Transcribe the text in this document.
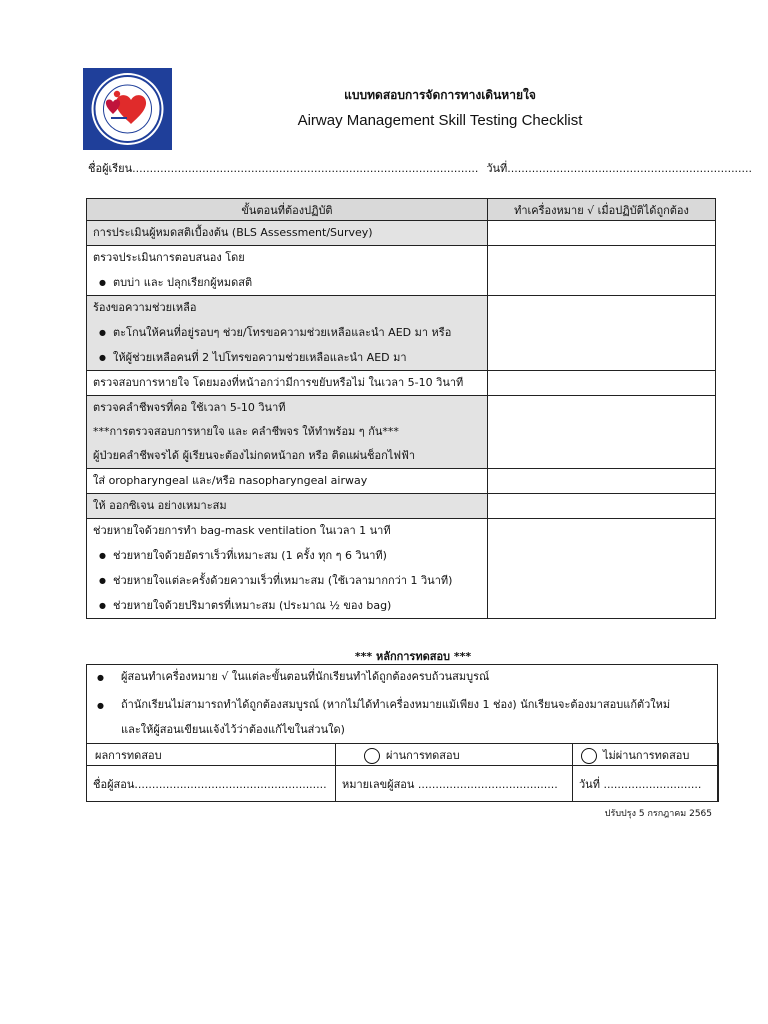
แบบทดสอบการจัดการทางเดินหายใจ
Airway Management Skill Testing Checklist
ชื่อผู้เรียน................................................................................................... วันที่......................................................................
ขั้นตอนที่ต้องปฏิบัติ	ทำเครื่องหมาย √ เมื่อปฏิบัติได้ถูกต้อง

การประเมินผู้หมดสติเบื้องต้น (BLS Assessment/Survey)	

ตรวจประเมินการตอบสนอง โดย
● ตบบ่า และ ปลุกเรียกผู้หมดสติ

ร้องขอความช่วยเหลือ
● ตะโกนให้คนที่อยู่รอบๆ ช่วย/โทรขอความช่วยเหลือและนำ AED มา หรือ
● ให้ผู้ช่วยเหลือคนที่ 2 ไปโทรขอความช่วยเหลือและนำ AED มา

ตรวจสอบการหายใจ โดยมองที่หน้าอกว่ามีการขยับหรือไม่ ในเวลา 5-10 วินาที	

ตรวจคลำชีพจรที่คอ ใช้เวลา 5-10 วินาที
***การตรวจสอบการหายใจ และ คลำชีพจร ให้ทำพร้อม ๆ กัน***
ผู้ป่วยคลำชีพจรได้ ผู้เรียนจะต้องไม่กดหน้าอก หรือ ติดแผ่นช็อกไฟฟ้า	

ใส่ oropharyngeal และ/หรือ nasopharyngeal airway	

ให้ ออกซิเจน อย่างเหมาะสม	

ช่วยหายใจด้วยการทำ bag-mask ventilation ในเวลา 1 นาที
● ช่วยหายใจด้วยอัตราเร็วที่เหมาะสม (1 ครั้ง ทุก ๆ 6 วินาที)
● ช่วยหายใจแต่ละครั้งด้วยความเร็วที่เหมาะสม (ใช้เวลามากกว่า 1 วินาที)
● ช่วยหายใจด้วยปริมาตรที่เหมาะสม (ประมาณ ½ ของ bag)

*** หลักการทดสอบ ***
● ผู้สอนทำเครื่องหมาย √ ในแต่ละขั้นตอนที่นักเรียนทำได้ถูกต้องครบถ้วนสมบูรณ์
● ถ้านักเรียนไม่สามารถทำได้ถูกต้องสมบูรณ์ (หากไม่ได้ทำเครื่องหมายแม้เพียง 1 ช่อง) นักเรียนจะต้องมาสอบแก้ตัวใหม่
และให้ผู้สอนเขียนแจ้งไว้ว่าต้องแก้ไขในส่วนใด)
ผลการทดสอบ	ผ่านการทดสอบ	ไม่ผ่านการทดสอบ
ชื่อผู้สอน.......................................................	หมายเลขผู้สอน ........................................	วันที่ ............................
ปรับปรุง 5 กรกฎาคม 2565
